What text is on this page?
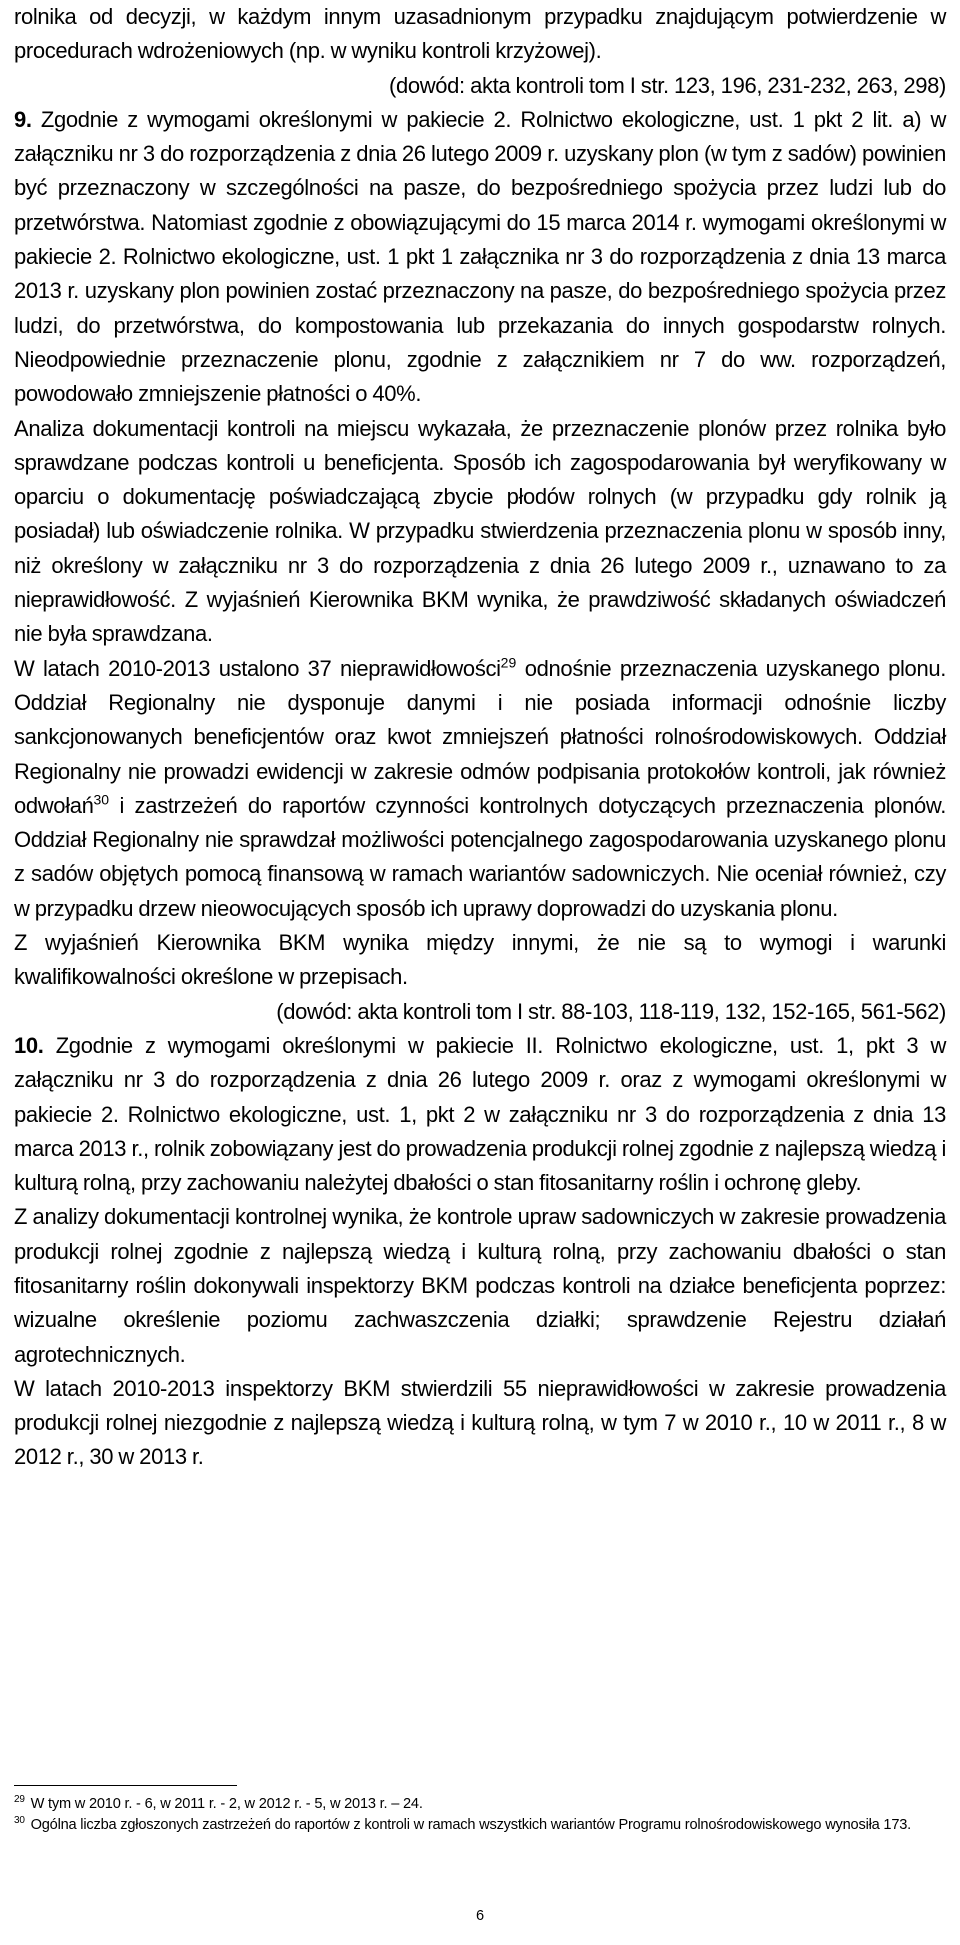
rolnika od decyzji, w każdym innym uzasadnionym przypadku znajdującym potwierdzenie w procedurach wdrożeniowych (np. w wyniku kontroli krzyżowej).

(dowód: akta kontroli tom I str. 123, 196, 231-232, 263, 298)

9. Zgodnie z wymogami określonymi w pakiecie 2. Rolnictwo ekologiczne, ust. 1 pkt 2 lit. a) w załączniku nr 3 do rozporządzenia z dnia 26 lutego 2009 r. uzyskany plon (w tym z sadów) powinien być przeznaczony w szczególności na pasze, do bezpośredniego spożycia przez ludzi lub do przetwórstwa. Natomiast zgodnie z obowiązującymi do 15 marca 2014 r. wymogami określonymi w pakiecie 2. Rolnictwo ekologiczne, ust. 1 pkt 1 załącznika nr 3 do rozporządzenia z dnia 13 marca 2013 r. uzyskany plon powinien zostać przeznaczony na pasze, do bezpośredniego spożycia przez ludzi, do przetwórstwa, do kompostowania lub przekazania do innych gospodarstw rolnych. Nieodpowiednie przeznaczenie plonu, zgodnie z załącznikiem nr 7 do ww. rozporządzeń, powodowało zmniejszenie płatności o 40%.

Analiza dokumentacji kontroli na miejscu wykazała, że przeznaczenie plonów przez rolnika było sprawdzane podczas kontroli u beneficjenta. Sposób ich zagospodarowania był weryfikowany w oparciu o dokumentację poświadczającą zbycie płodów rolnych (w przypadku gdy rolnik ją posiadał) lub oświadczenie rolnika. W przypadku stwierdzenia przeznaczenia plonu w sposób inny, niż określony w załączniku nr 3 do rozporządzenia z dnia 26 lutego 2009 r., uznawano to za nieprawidłowość. Z wyjaśnień Kierownika BKM wynika, że prawdziwość składanych oświadczeń nie była sprawdzana.

W latach 2010-2013 ustalono 37 nieprawidłowości$^{29}$ odnośnie przeznaczenia uzyskanego plonu. Oddział Regionalny nie dysponuje danymi i nie posiada informacji odnośnie liczby sankcjonowanych beneficjentów oraz kwot zmniejszeń płatności rolnośrodowiskowych. Oddział Regionalny nie prowadzi ewidencji w zakresie odmów podpisania protokołów kontroli, jak również odwołań$^{30}$ i zastrzeżeń do raportów czynności kontrolnych dotyczących przeznaczenia plonów. Oddział Regionalny nie sprawdzał możliwości potencjalnego zagospodarowania uzyskanego plonu z sadów objętych pomocą finansową w ramach wariantów sadowniczych. Nie oceniał również, czy w przypadku drzew nieowocujących sposób ich uprawy doprowadzi do uzyskania plonu.

Z wyjaśnień Kierownika BKM wynika między innymi, że nie są to wymogi i warunki kwalifikowalności określone w przepisach.

(dowód: akta kontroli tom I str. 88-103, 118-119, 132, 152-165, 561-562)

10. Zgodnie z wymogami określonymi w pakiecie II. Rolnictwo ekologiczne, ust. 1, pkt 3 w załączniku nr 3 do rozporządzenia z dnia 26 lutego 2009 r. oraz z wymogami określonymi w pakiecie 2. Rolnictwo ekologiczne, ust. 1, pkt 2 w załączniku nr 3 do rozporządzenia z dnia 13 marca 2013 r., rolnik zobowiązany jest do prowadzenia produkcji rolnej zgodnie z najlepszą wiedzą i kulturą rolną, przy zachowaniu należytej dbałości o stan fitosanitarny roślin i ochronę gleby.

Z analizy dokumentacji kontrolnej wynika, że kontrole upraw sadowniczych w zakresie prowadzenia produkcji rolnej zgodnie z najlepszą wiedzą i kulturą rolną, przy zachowaniu dbałości o stan fitosanitarny roślin dokonywali inspektorzy BKM podczas kontroli na działce beneficjenta poprzez: wizualne określenie poziomu zachwaszczenia działki; sprawdzenie Rejestru działań agrotechnicznych.

W latach 2010-2013 inspektorzy BKM stwierdzili 55 nieprawidłowości w zakresie prowadzenia produkcji rolnej niezgodnie z najlepszą wiedzą i kulturą rolną, w tym 7 w 2010 r., 10 w 2011 r., 8 w 2012 r., 30 w 2013 r.

$^{29}$ W tym w 2010 r. - 6, w 2011 r. - 2, w 2012 r. - 5, w 2013 r. – 24.

$^{30}$ Ogólna liczba zgłoszonych zastrzeżeń do raportów z kontroli w ramach wszystkich wariantów Programu rolnośrodowiskowego wynosiła 173.

6
